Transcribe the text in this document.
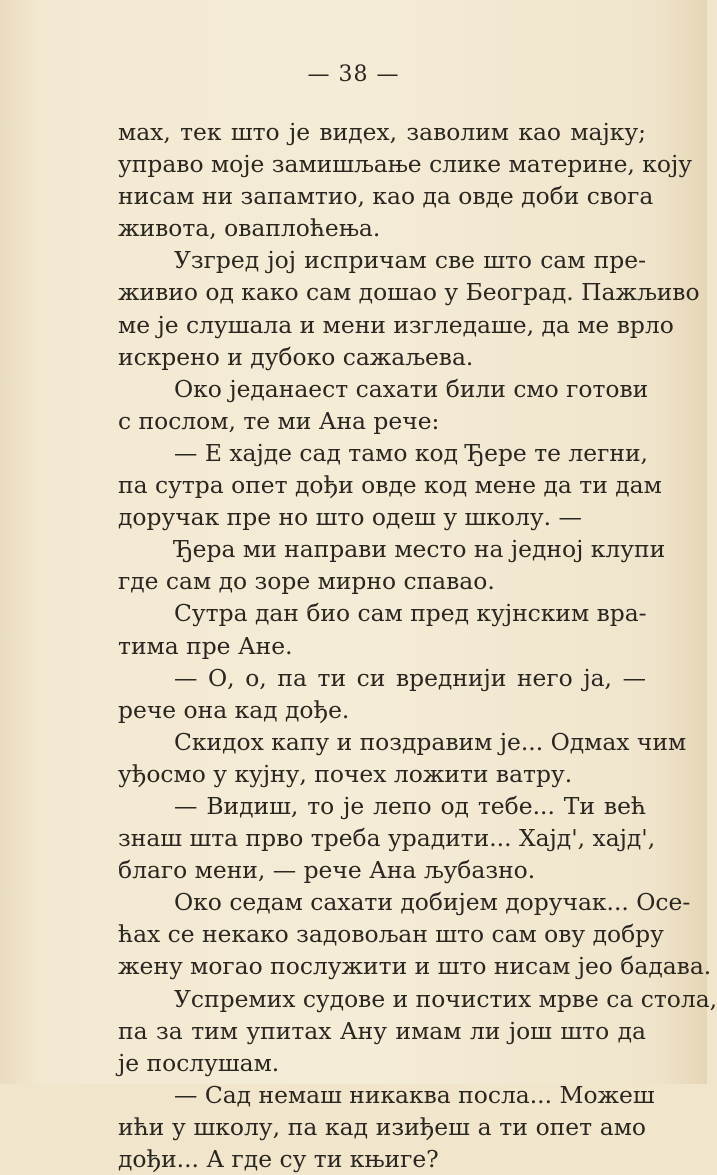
— 38 —
мах, тек што је видех, заволим као мајку;
управо моје замишљање слике материне, коју
нисам ни запамтио, као да овде доби свога
живота, оваплоћења.
Узгред јој испричам све што сам пре-
живио од како сам дошао у Београд. Пажљиво
ме је слушала и мени изгледаше, да ме врло
искрено и дубоко сажаљева.
Око једанаест сахати били смо готови
с послом, те ми Ана рече:
— Е хајде сад тамо код Ђере те легни,
па сутра опет дођи овде код мене да ти дам
доручак пре но што одеш у школу. —
Ђера ми направи место на једној клупи
где сам до зоре мирно спавао.
Сутра дан био сам пред кујнским вра-
тима пре Ане.
— О, о, па ти си вреднији него ја, —
рече она кад дође.
Скидох капу и поздравим је... Одмах чим
уђосмо у кујну, почех ложити ватру.
— Видиш, то је лепо од тебе... Ти већ
знаш шта прво треба урадити... Хајд', хајд',
благо мени, — рече Ана љубазно.
Око седам сахати добијем доручак... Осе-
ћах се некако задовољан што сам ову добру
жену могао послужити и што нисам јео бадава.
Успремих судове и почистих мрве са стола,
па за тим упитах Ану имам ли још што да
је послушам.
— Сад немаш никаква посла... Можеш
ићи у школу, па кад изиђеш а ти опет амо
дођи... А где су ти књиге?
